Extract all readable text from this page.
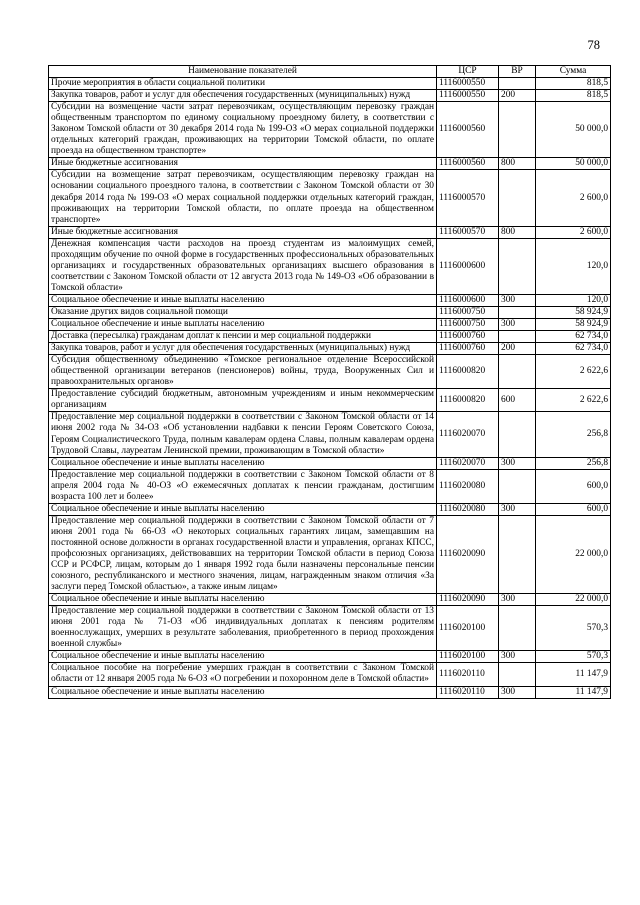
78
Наименование показателей	ЦСР	ВР	Сумма
Прочие мероприятия в области социальной политики	1116000550		818,5
Закупка товаров, работ и услуг для обеспечения государственных (муниципальных) нужд	1116000550	200	818,5
Субсидии на возмещение части затрат перевозчикам, осуществляющим перевозку граждан общественным транспортом по единому социальному проездному билету, в соответствии с Законом Томской области от 30 декабря 2014 года № 199-ОЗ «О мерах социальной поддержки отдельных категорий граждан, проживающих на территории Томской области, по оплате проезда на общественном транспорте»	1116000560		50 000,0
Иные бюджетные ассигнования	1116000560	800	50 000,0
Субсидии на возмещение затрат перевозчикам, осуществляющим перевозку граждан на основании социального проездного талона, в соответствии с Законом Томской области от 30 декабря 2014 года № 199-ОЗ «О мерах социальной поддержки отдельных категорий граждан, проживающих на территории Томской области, по оплате проезда на общественном транспорте»	1116000570		2 600,0
Иные бюджетные ассигнования	1116000570	800	2 600,0
Денежная компенсация части расходов на проезд студентам из малоимущих семей, проходящим обучение по очной форме в государственных профессиональных образовательных организациях и государственных образовательных организациях высшего образования в соответствии с Законом Томской области от 12 августа 2013 года № 149-ОЗ «Об образовании в Томской области»	1116000600		120,0
Социальное обеспечение и иные выплаты населению	1116000600	300	120,0
Оказание других видов социальной помощи	1116000750		58 924,9
Социальное обеспечение и иные выплаты населению	1116000750	300	58 924,9
Доставка (пересылка) гражданам доплат к пенсии и мер социальной поддержки	1116000760		62 734,0
Закупка товаров, работ и услуг для обеспечения государственных (муниципальных) нужд	1116000760	200	62 734,0
Субсидия общественному объединению «Томское региональное отделение Всероссийской общественной организации ветеранов (пенсионеров) войны, труда, Вооруженных Сил и правоохранительных органов»	1116000820		2 622,6
Предоставление субсидий бюджетным, автономным учреждениям и иным некоммерческим организациям	1116000820	600	2 622,6
Предоставление мер социальной поддержки в соответствии с Законом Томской области от 14 июня 2002 года № 34-ОЗ «Об установлении надбавки к пенсии Героям Советского Союза, Героям Социалистического Труда, полным кавалерам ордена Славы, полным кавалерам ордена Трудовой Славы, лауреатам Ленинской премии, проживающим в Томской области»	1116020070		256,8
Социальное обеспечение и иные выплаты населению	1116020070	300	256,8
Предоставление мер социальной поддержки в соответствии с Законом Томской области от 8 апреля 2004 года № 40-ОЗ «О ежемесячных доплатах к пенсии гражданам, достигшим возраста 100 лет и более»	1116020080		600,0
Социальное обеспечение и иные выплаты населению	1116020080	300	600,0
Предоставление мер социальной поддержки в соответствии с Законом Томской области от 7 июня 2001 года № 66-ОЗ «О некоторых социальных гарантиях лицам, замещавшим на постоянной основе должности в органах государственной власти и управления, органах КПСС, профсоюзных организациях, действовавших на территории Томской области в период Союза ССР и РСФСР, лицам, которым до 1 января 1992 года были назначены персональные пенсии союзного, республиканского и местного значения, лицам, награжденным знаком отличия «За заслуги перед Томской областью», а также иным лицам»	1116020090		22 000,0
Социальное обеспечение и иные выплаты населению	1116020090	300	22 000,0
Предоставление мер социальной поддержки в соответствии с Законом Томской области от 13 июня 2001 года № 71-ОЗ «Об индивидуальных доплатах к пенсиям родителям военнослужащих, умерших в результате заболевания, приобретенного в период прохождения военной службы»	1116020100		570,3
Социальное обеспечение и иные выплаты населению	1116020100	300	570,3
Социальное пособие на погребение умерших граждан в соответствии с Законом Томской области от 12 января 2005 года № 6-ОЗ «О погребении и похоронном деле в Томской области»	1116020110		11 147,9
Социальное обеспечение и иные выплаты населению	1116020110	300	11 147,9
